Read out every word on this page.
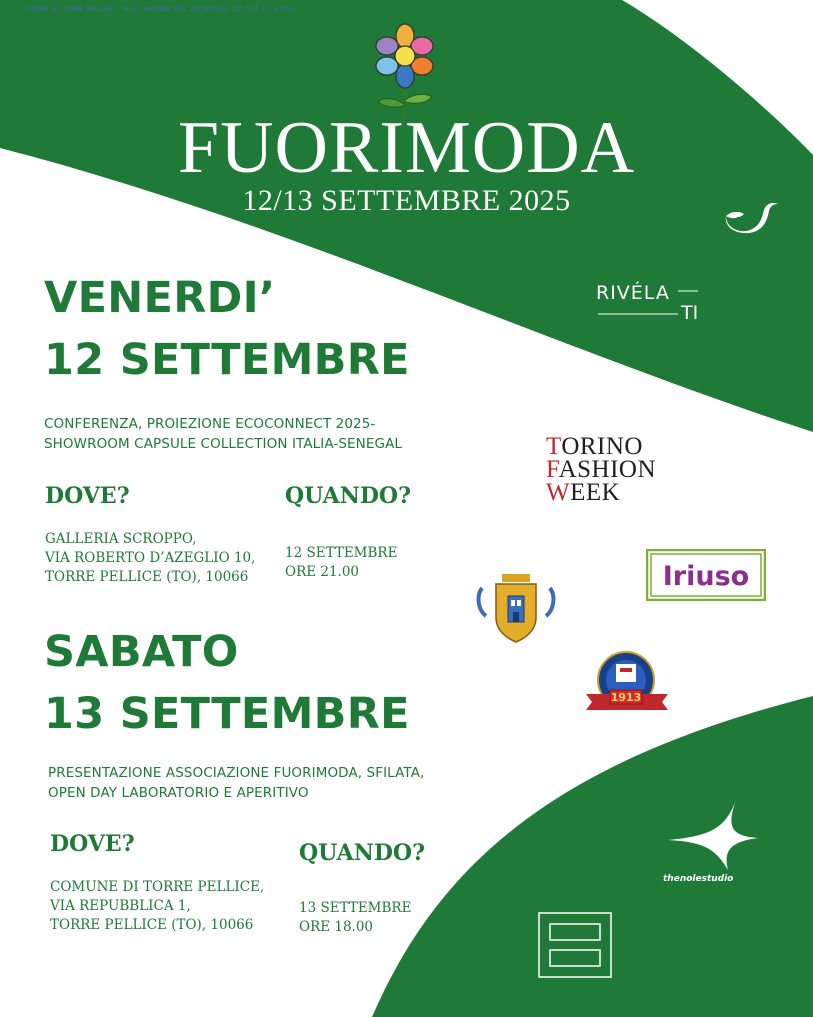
COMUNE DI TORRE PELLICE - Prot 0013488 del 26/08/2025 Tit VII Cl 6 Fasc
FUORIMODA
12/13 SETTEMBRE 2025
RIVÉLA
TI
VENERDI’
12 SETTEMBRE
CONFERENZA, PROIEZIONE ECOCONNECT 2025-
SHOWROOM CAPSULE COLLECTION ITALIA-SENEGAL
DOVE?	QUANDO?
GALLERIA SCROPPO,
VIA ROBERTO D’AZEGLIO 10,
TORRE PELLICE (TO), 10066
12 SETTEMBRE
ORE 21.00
TORINO
FASHION
WEEK
Iriuso
1913
SABATO
13 SETTEMBRE
PRESENTAZIONE ASSOCIAZIONE FUORIMODA, SFILATA,
OPEN DAY LABORATORIO E APERITIVO
DOVE?	QUANDO?
COMUNE DI TORRE PELLICE,
VIA REPUBBLICA 1,
TORRE PELLICE (TO), 10066
13 SETTEMBRE
ORE 18.00
thenolestudio
